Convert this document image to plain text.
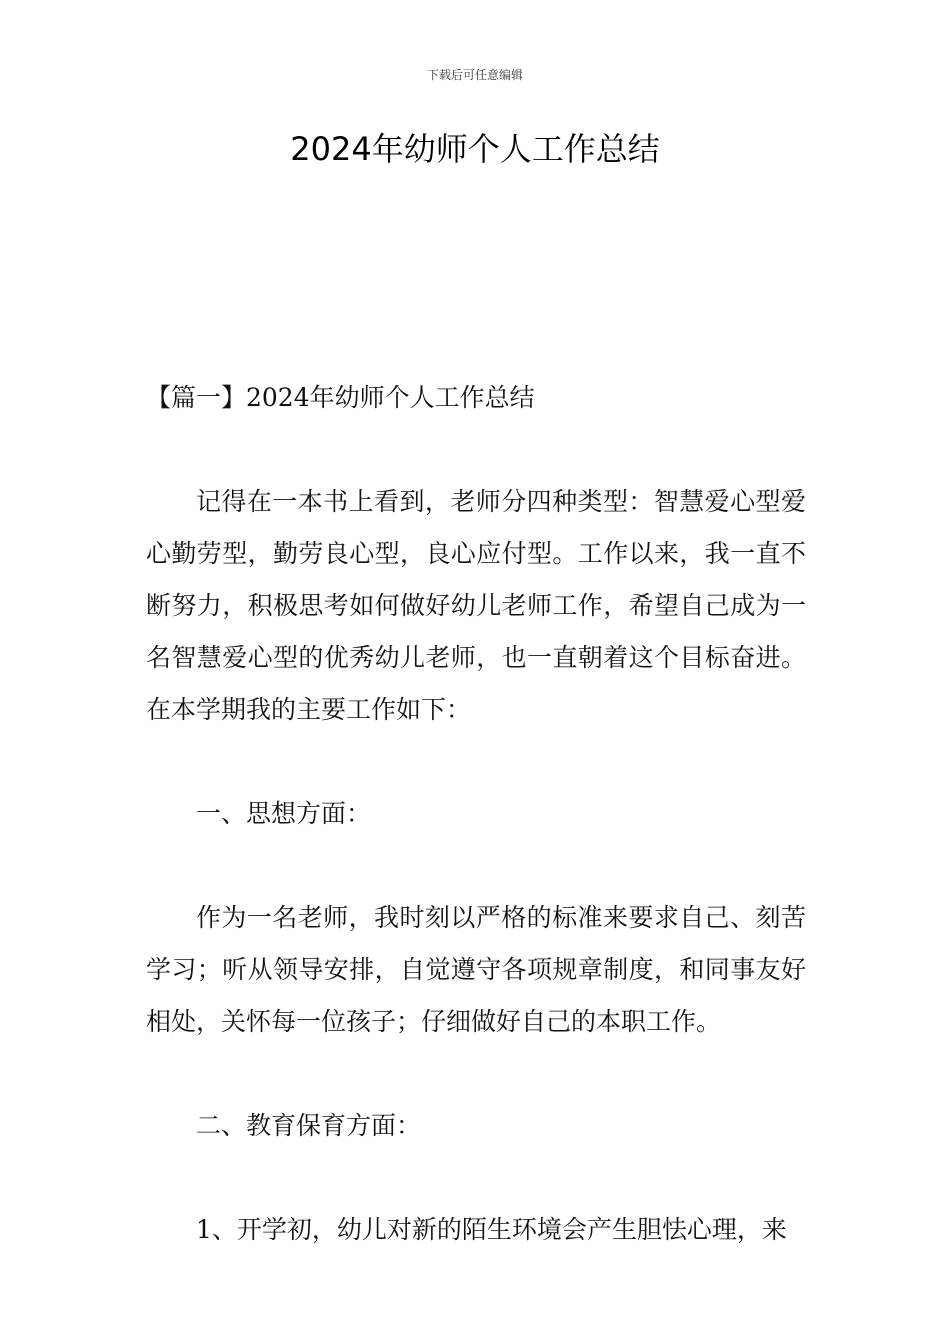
下载后可任意编辑
2024年幼师个人工作总结

【篇一】2024年幼师个人工作总结

记得在一本书上看到，老师分四种类型：智慧爱心型爱心勤劳型，勤劳良心型，良心应付型。工作以来，我一直不断努力，积极思考如何做好幼儿老师工作，希望自己成为一名智慧爱心型的优秀幼儿老师，也一直朝着这个目标奋进。在本学期我的主要工作如下：

一、思想方面：

作为一名老师，我时刻以严格的标准来要求自己、刻苦学习；听从领导安排，自觉遵守各项规章制度，和同事友好相处，关怀每一位孩子；仔细做好自己的本职工作。

二、教育保育方面：

1、开学初，幼儿对新的陌生环境会产生胆怯心理，来
